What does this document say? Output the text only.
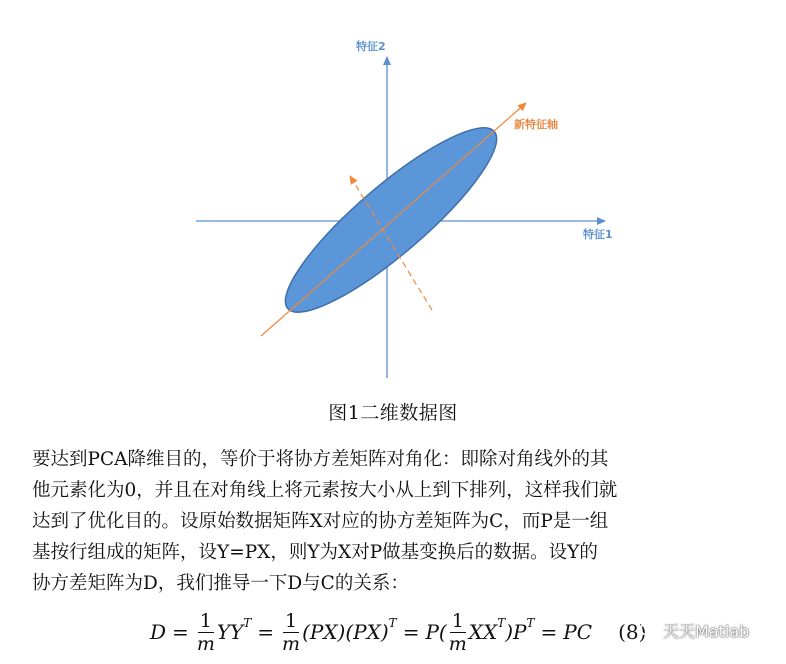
特征2
特征1
新特征轴
图1二维数据图
要达到PCA降维目的，等价于将协方差矩阵对角化：即除对角线外的其
他元素化为0，并且在对角线上将元素按大小从上到下排列，这样我们就
达到了优化目的。设原始数据矩阵X对应的协方差矩阵为C，而P是一组
基按行组成的矩阵，设Y=PX，则Y为X对P做基变换后的数据。设Y的
协方差矩阵为D，我们推导一下D与C的关系：
$D = \frac{1}{m}$ YY $T = \frac{1}{m} (PX)(PX) T = P( \frac{1}{m}$ XX T )P T = PC (8) 天天Matlab
